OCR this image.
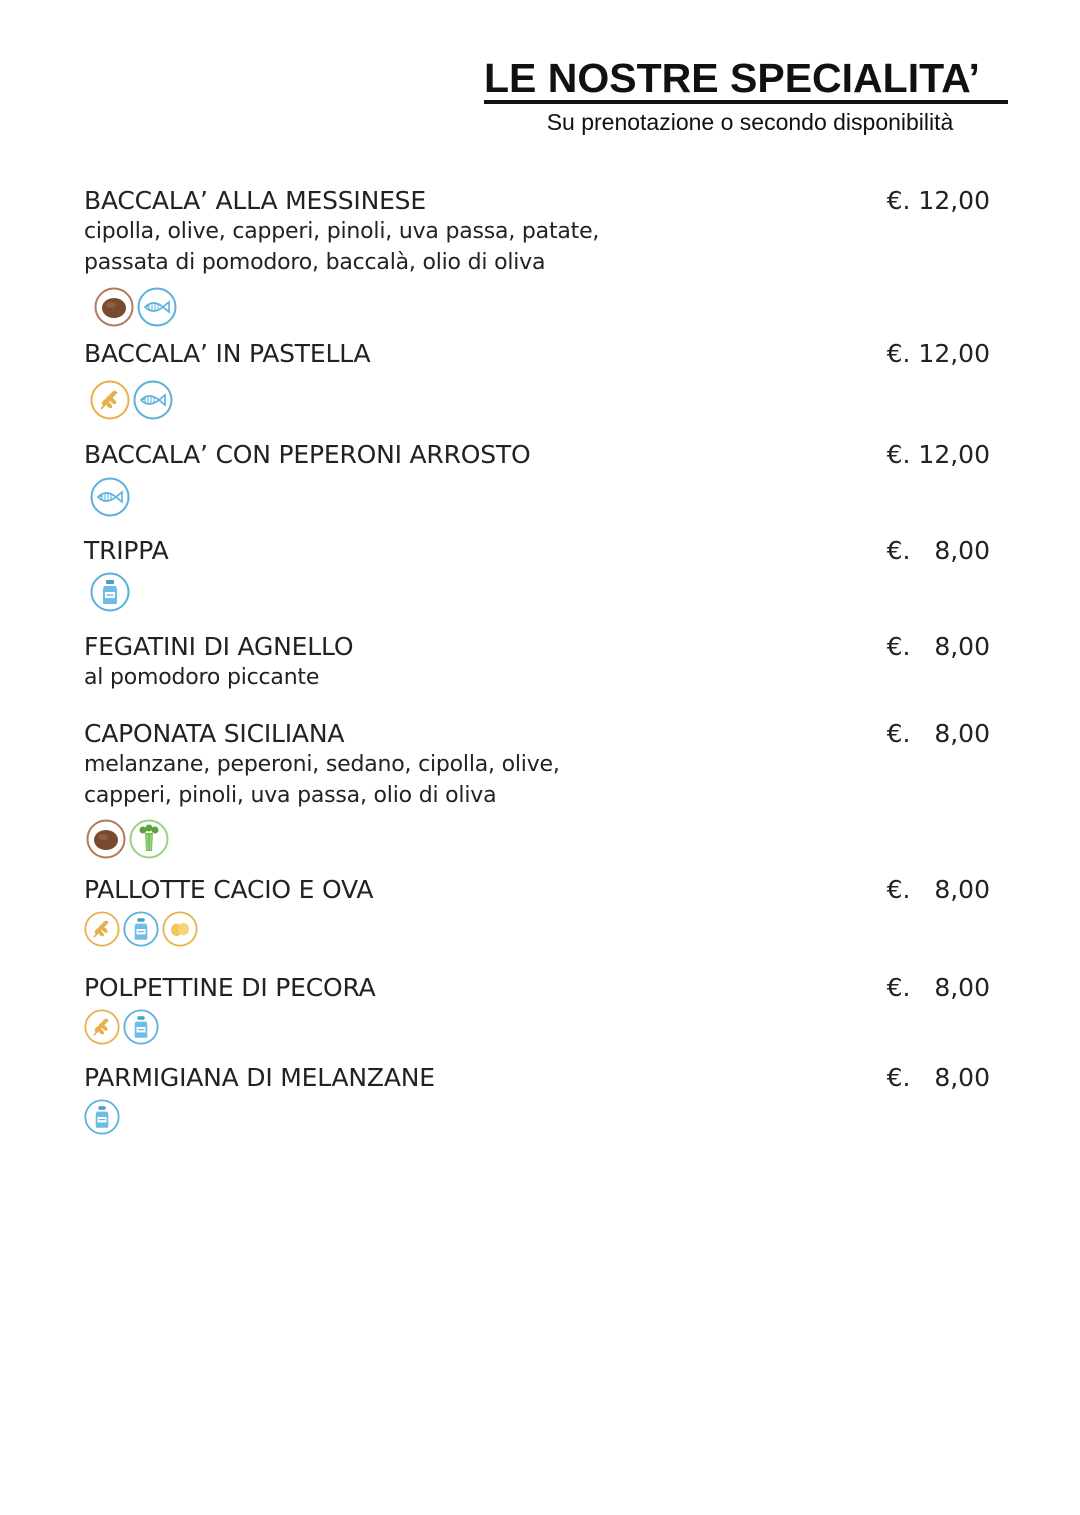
LE NOSTRE SPECIALITA’
Su prenotazione o secondo disponibilità
BACCALA’ ALLA MESSINESE	€. 12,00
cipolla, olive, capperi, pinoli, uva passa, patate,
passata di pomodoro, baccalà, olio di oliva
BACCALA’ IN PASTELLA	€. 12,00
BACCALA’ CON PEPERONI ARROSTO	€. 12,00
TRIPPA	€.   8,00
FEGATINI DI AGNELLO	€.   8,00
al pomodoro piccante
CAPONATA SICILIANA	€.   8,00
melanzane, peperoni, sedano, cipolla, olive,
capperi, pinoli, uva passa, olio di oliva
PALLOTTE CACIO E OVA	€.   8,00
POLPETTINE DI PECORA	€.   8,00
PARMIGIANA DI MELANZANE	€.   8,00
